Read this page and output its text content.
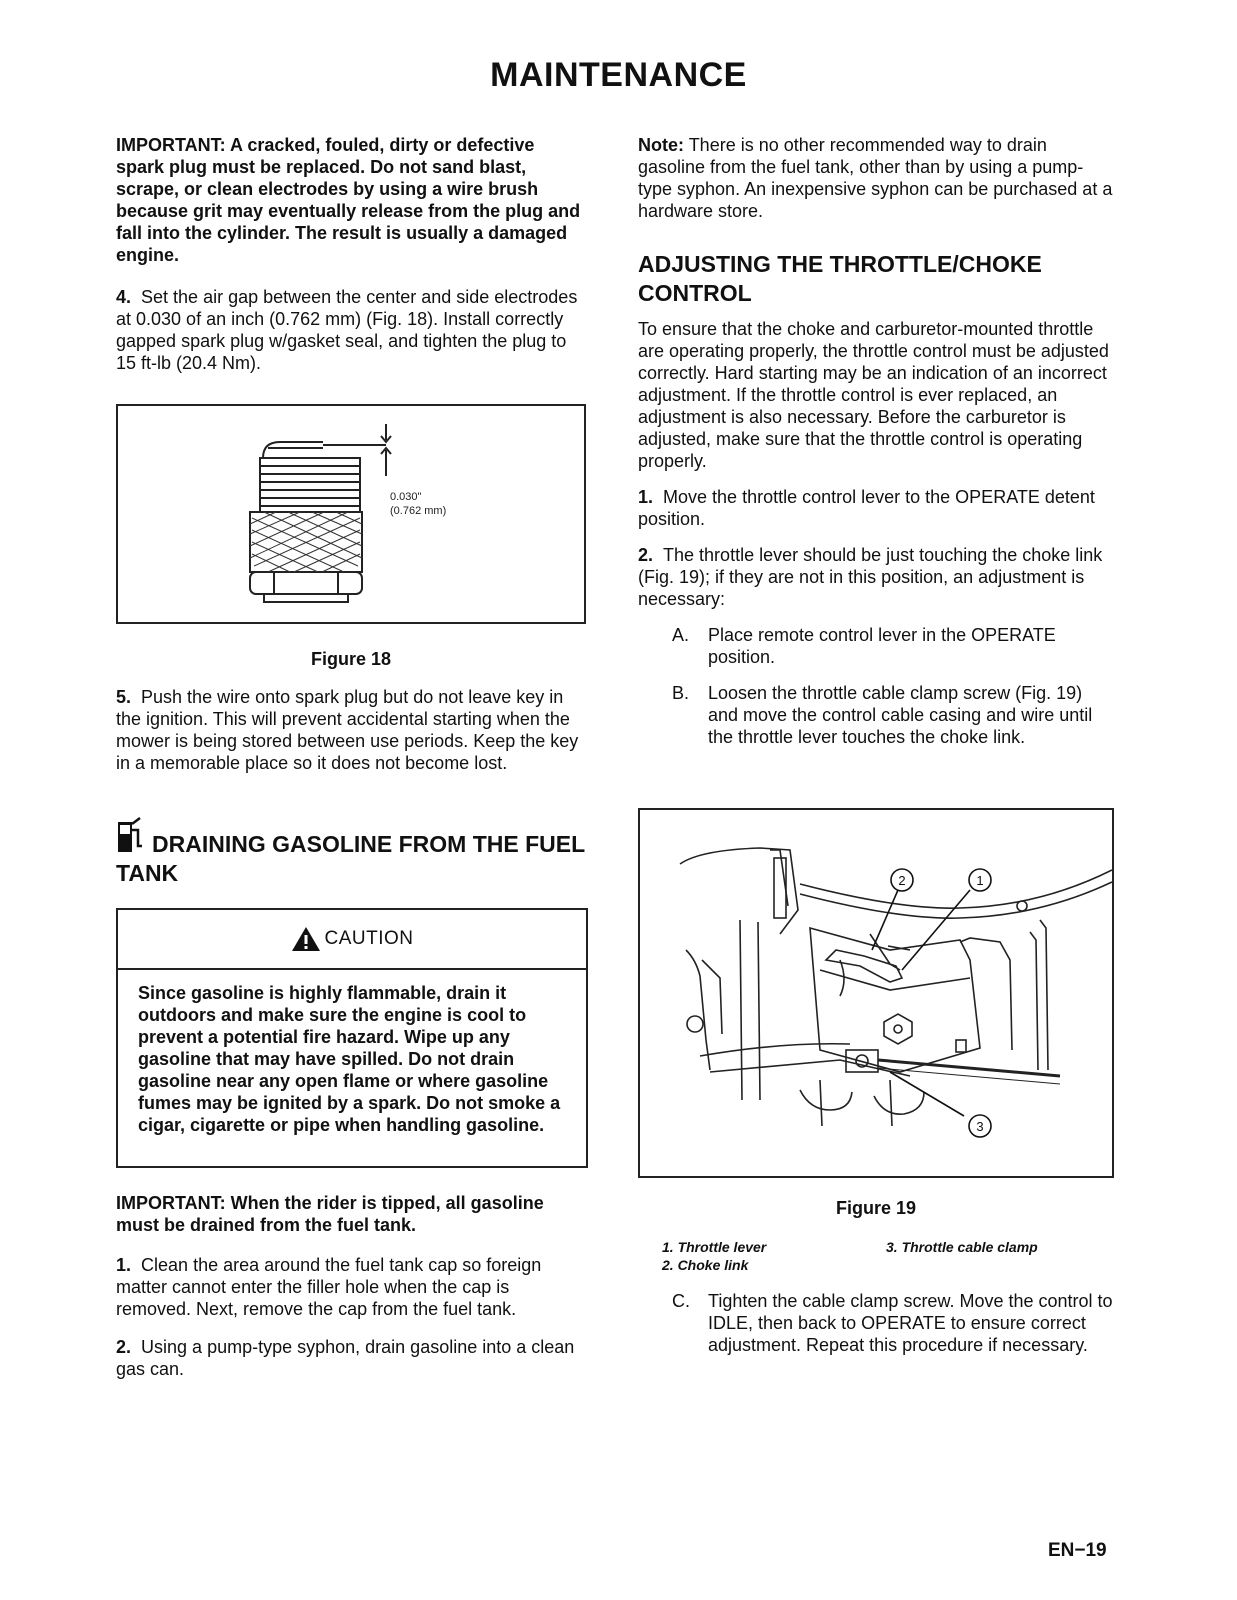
MAINTENANCE

IMPORTANT: A cracked, fouled, dirty or defective spark plug must be replaced. Do not sand blast, scrape, or clean electrodes by using a wire brush because grit may eventually release from the plug and fall into the cylinder. The result is usually a damaged engine.

4. Set the air gap between the center and side electrodes at 0.030 of an inch (0.762 mm) (Fig. 18). Install correctly gapped spark plug w/gasket seal, and tighten the plug to 15 ft-lb (20.4 Nm).

0.030"
(0.762 mm)
Figure 18

5. Push the wire onto spark plug but do not leave key in the ignition. This will prevent accidental starting when the mower is being stored between use periods. Keep the key in a memorable place so it does not become lost.

DRAINING GASOLINE FROM THE FUEL TANK
CAUTION
Since gasoline is highly flammable, drain it outdoors and make sure the engine is cool to prevent a potential fire hazard. Wipe up any gasoline that may have spilled. Do not drain gasoline near any open flame or where gasoline fumes may be ignited by a spark. Do not smoke a cigar, cigarette or pipe when handling gasoline.

IMPORTANT: When the rider is tipped, all gasoline must be drained from the fuel tank.

1. Clean the area around the fuel tank cap so foreign matter cannot enter the filler hole when the cap is removed. Next, remove the cap from the fuel tank.

2. Using a pump-type syphon, drain gasoline into a clean gas can.

Note: There is no other recommended way to drain gasoline from the fuel tank, other than by using a pump-type syphon. An inexpensive syphon can be purchased at a hardware store.

ADJUSTING THE THROTTLE/CHOKE CONTROL

To ensure that the choke and carburetor-mounted throttle are operating properly, the throttle control must be adjusted correctly. Hard starting may be an indication of an incorrect adjustment. If the throttle control is ever replaced, an adjustment is also necessary. Before the carburetor is adjusted, make sure that the throttle control is operating properly.

1. Move the throttle control lever to the OPERATE detent position.

2. The throttle lever should be just touching the choke link (Fig. 19); if they are not in this position, an adjustment is necessary:

A.	Place remote control lever in the OPERATE position.
B.	Loosen the throttle cable clamp screw (Fig. 19) and move the control cable casing and wire until the throttle lever touches the choke link.
1
2
3
Figure 19
1. Throttle lever
2. Choke link
3. Throttle cable clamp
C.	Tighten the cable clamp screw. Move the control to IDLE, then back to OPERATE to ensure correct adjustment. Repeat this procedure if necessary.
EN−19
